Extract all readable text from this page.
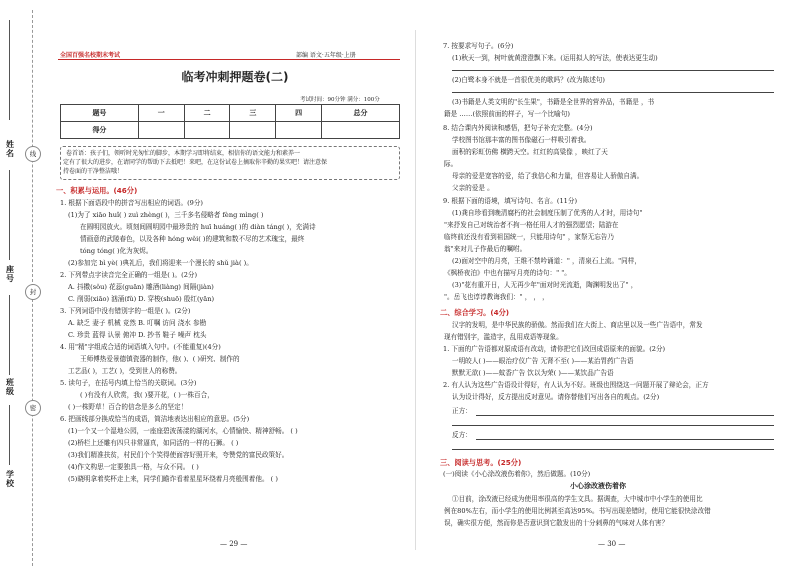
姓名
座号
班级
学校
线
封
密
全国百强名校期末考试	部编 语文·五年级·上册
临考冲刺押题卷(二)
考试时间：90分钟 满分：100分
题号	一	二	三	四	总分
得分					
卷首语：孩子们，领听时光匆忙的脚步，本期学习即将结束，相信你的语文能力和素养一
定有了很大的进步，在请同学的帮助下去抵吧！来吧，在这份试卷上摘取你辛勤的果实吧！请注意保
持卷面的干净整洁哦！
一、积累与运用。(46分)
1. 根据下面语段中的拼音写出相应的词语。(9分)
(1)为了 xiāo huǐ( ) zuì zhèng( )，三千多名侵略者 fèng mìng( )
在圆明园放火。顷刻间圆明园中最珍贵的 huī huáng( )的 diàn táng( )，充满诗
情画意的武陵春色，以及各种 hóng wěi( )的建筑和数不尽的艺术瑰宝，最终
tóng tóng( )化为灰烬。
(2)参加完 bì yè( )典礼后，我们将迎来一个漫长的 shǔ jià( )。
2. 下列带点字读音完全正确的一组是( )。(2分)
A. 抖擞(sǒu) 花蕊(guān) 雕酒(liàng) 间隔(jiàn)
C. 削弱(xiāo) 汹涌(fǔ) D. 穿梭(shuō) 殷红(yān)
3. 下列词语中没有错别字的一组是( )。(2分)
A. 缺乏 妻子 机械 竞然 B. 叮嘱 访问 浇水 参勘
C. 珍贵 蓝得 认景 俯冲 D. 抄书 鞋子 噪声 枕头
4. 用"精"字组成合适的词语填入句中。(不能重复)(4分)
王师傅热爱景德镇瓷器的制作，他( )、( )研究、制作的
工艺品( )，工艺( )，受到世人的称赞。
5. 读句子，在括号内填上恰当的关联词。(3分)
( )有没有人欣赏，我( )要开花，( )一株百合，
( )一株野草！百合的信念是多么的坚定！
6. 把画线部分换成恰当的成语，简洁地表达出相应的意思。(5分)
(1)一个又一个湿地公园，一座座碧波荡漾的湖河水，心情愉快、精神舒畅。 ( )
(2)桥栏上还雕有四只非常逼真，如同活的一样的石狮。 ( )
(3)我们精准扶贫，村民们个个笑得使面容好照开来，夸赞党的富民政策好。
(4)作文构思一定要独具一格，与众不同。 ( )
(5)晓明拿着奖杯走上来，同学们瞻诈看着星星环绕着月亮般围着他。 ( )
— 29 —
7. 按要求写句子。(6分)
(1)秋天一到，树叶就黄澄澄飘下来。(运用拟人的写法，使表达更生动)
(2)白鹭本身不就是一首很优美的歌吗？(改为陈述句)
(3)书籍是人类文明的"长生果"，书籍是全世界的营养品，书籍是 ，书
籍是 ……(依照前面的样子，写一个比喻句)
8. 结合课内外阅读和感悟，把句子补充完整。(4分)
学校图书馆那丰富的图书像磁石一样吸引着我。
面积的彩虹仿佛 横跨天空。红红的高粱像 ，映红了天
际。
母亲的爱是宽容的爱，给了我信心和力量，但容易让人骄傲自满。
父亲的爱是 。
9. 根据下面的语境，填写诗句、名言。(11分)
(1)龚自珍看到晚清腐朽的社会制度压制了优秀的人才时，用诗句"
"来抒发自己对统治者不拘一格任用人才的强烈愿望；陆游在
临终前还没有看到祖国统一，只能用诗句" ，家祭无忘告乃
翁"来对儿子作最后的嘱咐。
(2)面对空中的月亮，王维不禁吟诵道：" ，清泉石上流。"同样，
《枫桥夜泊》中也有描写月亮的诗句：" "。
(3)"花有重开日，人无再少年"面对时光流逝，陶渊明发出了" ，
"。岳飞也谆谆教诲我们：" ， ， ，
二、综合学习。(4分)
汉字的发明，是中华民族的骄傲。然而我们在大街上、商店里以及一些广告语中，常发
现有错别字，滥造字，乱用成语等现象。
1. 下面的广告语都对原成语有改动，请你把它们改回成语原来的面貌。(2分)
一明皎人( )——眼治疗仪广告 无肾不至( )——某治胃药广告语
默默无欲( )——蚊香广告 饮以为荣( )——某饮品广告语
2. 有人认为这些广告语设计得好，有人认为不好。班级也围绕这一问题开展了辩论会，正方
认为设计得好，反方提出反对意见。请你替他们写出各自的观点。(2分)
正方：
反方：
三、阅读与思考。(25分)
(一)阅读《小心涂改液伤着你》，然后做题。(10分)
小心涂改液伤着你
①目前，涂改液已经成为使用率很高的学生文具。据调查，大中城市中小学生的使用比
例在80%左右，而小学生的使用比例甚至高达95%。书写出现差错时，使用它能很快涂改错
误，确实很方便，然而你是否意识到它散发出的十分刺鼻的气味对人体有害？
— 30 —
